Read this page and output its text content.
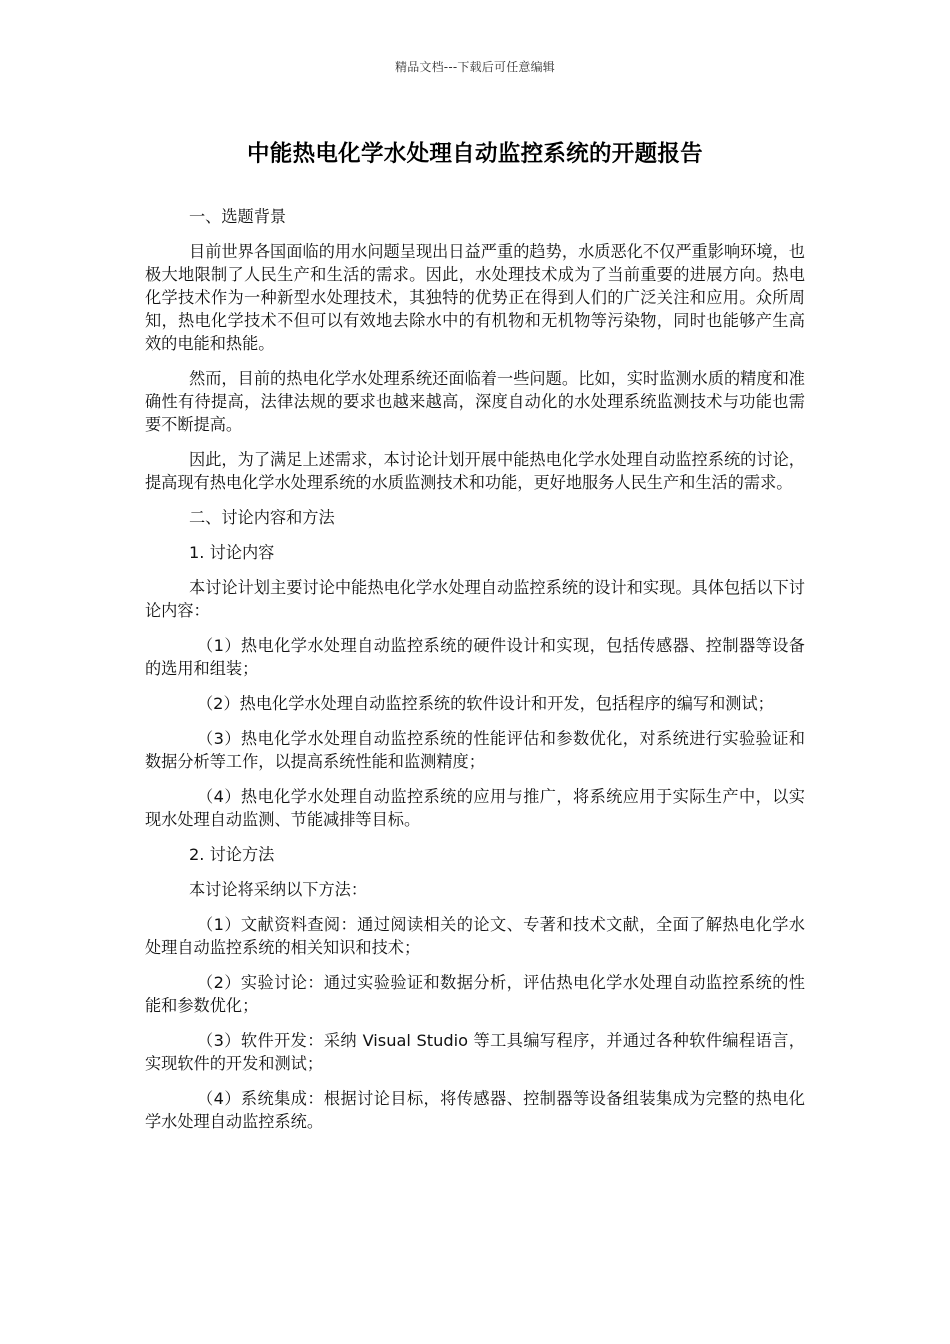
精品文档---下载后可任意编辑
中能热电化学水处理自动监控系统的开题报告

一、选题背景

目前世界各国面临的用水问题呈现出日益严重的趋势，水质恶化不仅严重影响环境，也极大地限制了人民生产和生活的需求。因此，水处理技术成为了当前重要的进展方向。热电化学技术作为一种新型水处理技术，其独特的优势正在得到人们的广泛关注和应用。众所周知，热电化学技术不但可以有效地去除水中的有机物和无机物等污染物，同时也能够产生高效的电能和热能。

然而，目前的热电化学水处理系统还面临着一些问题。比如，实时监测水质的精度和准确性有待提高，法律法规的要求也越来越高，深度自动化的水处理系统监测技术与功能也需要不断提高。

因此，为了满足上述需求，本讨论计划开展中能热电化学水处理自动监控系统的讨论，提高现有热电化学水处理系统的水质监测技术和功能，更好地服务人民生产和生活的需求。

二、讨论内容和方法

1. 讨论内容

本讨论计划主要讨论中能热电化学水处理自动监控系统的设计和实现。具体包括以下讨论内容：

（1）热电化学水处理自动监控系统的硬件设计和实现，包括传感器、控制器等设备的选用和组装；

（2）热电化学水处理自动监控系统的软件设计和开发，包括程序的编写和测试；

（3）热电化学水处理自动监控系统的性能评估和参数优化，对系统进行实验验证和数据分析等工作，以提高系统性能和监测精度；

（4）热电化学水处理自动监控系统的应用与推广，将系统应用于实际生产中，以实现水处理自动监测、节能减排等目标。

2. 讨论方法

本讨论将采纳以下方法：

（1）文献资料查阅：通过阅读相关的论文、专著和技术文献，全面了解热电化学水处理自动监控系统的相关知识和技术；

（2）实验讨论：通过实验验证和数据分析，评估热电化学水处理自动监控系统的性能和参数优化；

（3）软件开发：采纳 Visual Studio 等工具编写程序，并通过各种软件编程语言，实现软件的开发和测试；

（4）系统集成：根据讨论目标，将传感器、控制器等设备组装集成为完整的热电化学水处理自动监控系统。
